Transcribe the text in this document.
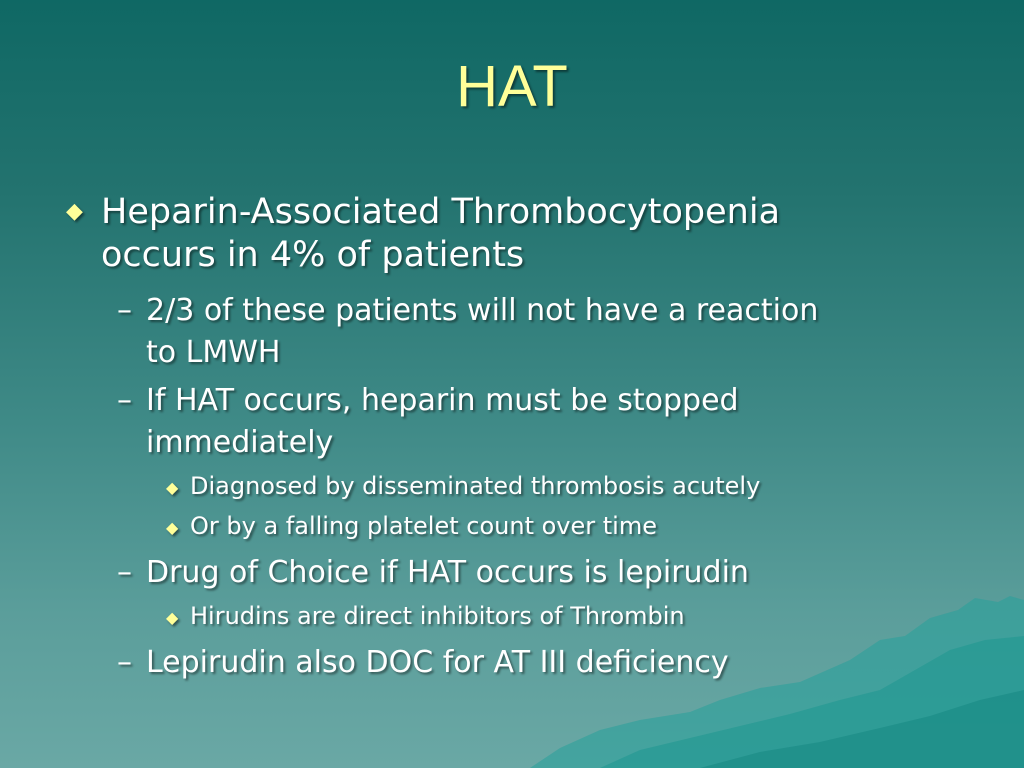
HAT
◆ Heparin-Associated Thrombocytopenia
occurs in 4% of patients
– 2/3 of these patients will not have a reaction
to LMWH
– If HAT occurs, heparin must be stopped
immediately
◆ Diagnosed by disseminated thrombosis acutely
◆ Or by a falling platelet count over time
– Drug of Choice if HAT occurs is lepirudin
◆ Hirudins are direct inhibitors of Thrombin
– Lepirudin also DOC for AT III deficiency
